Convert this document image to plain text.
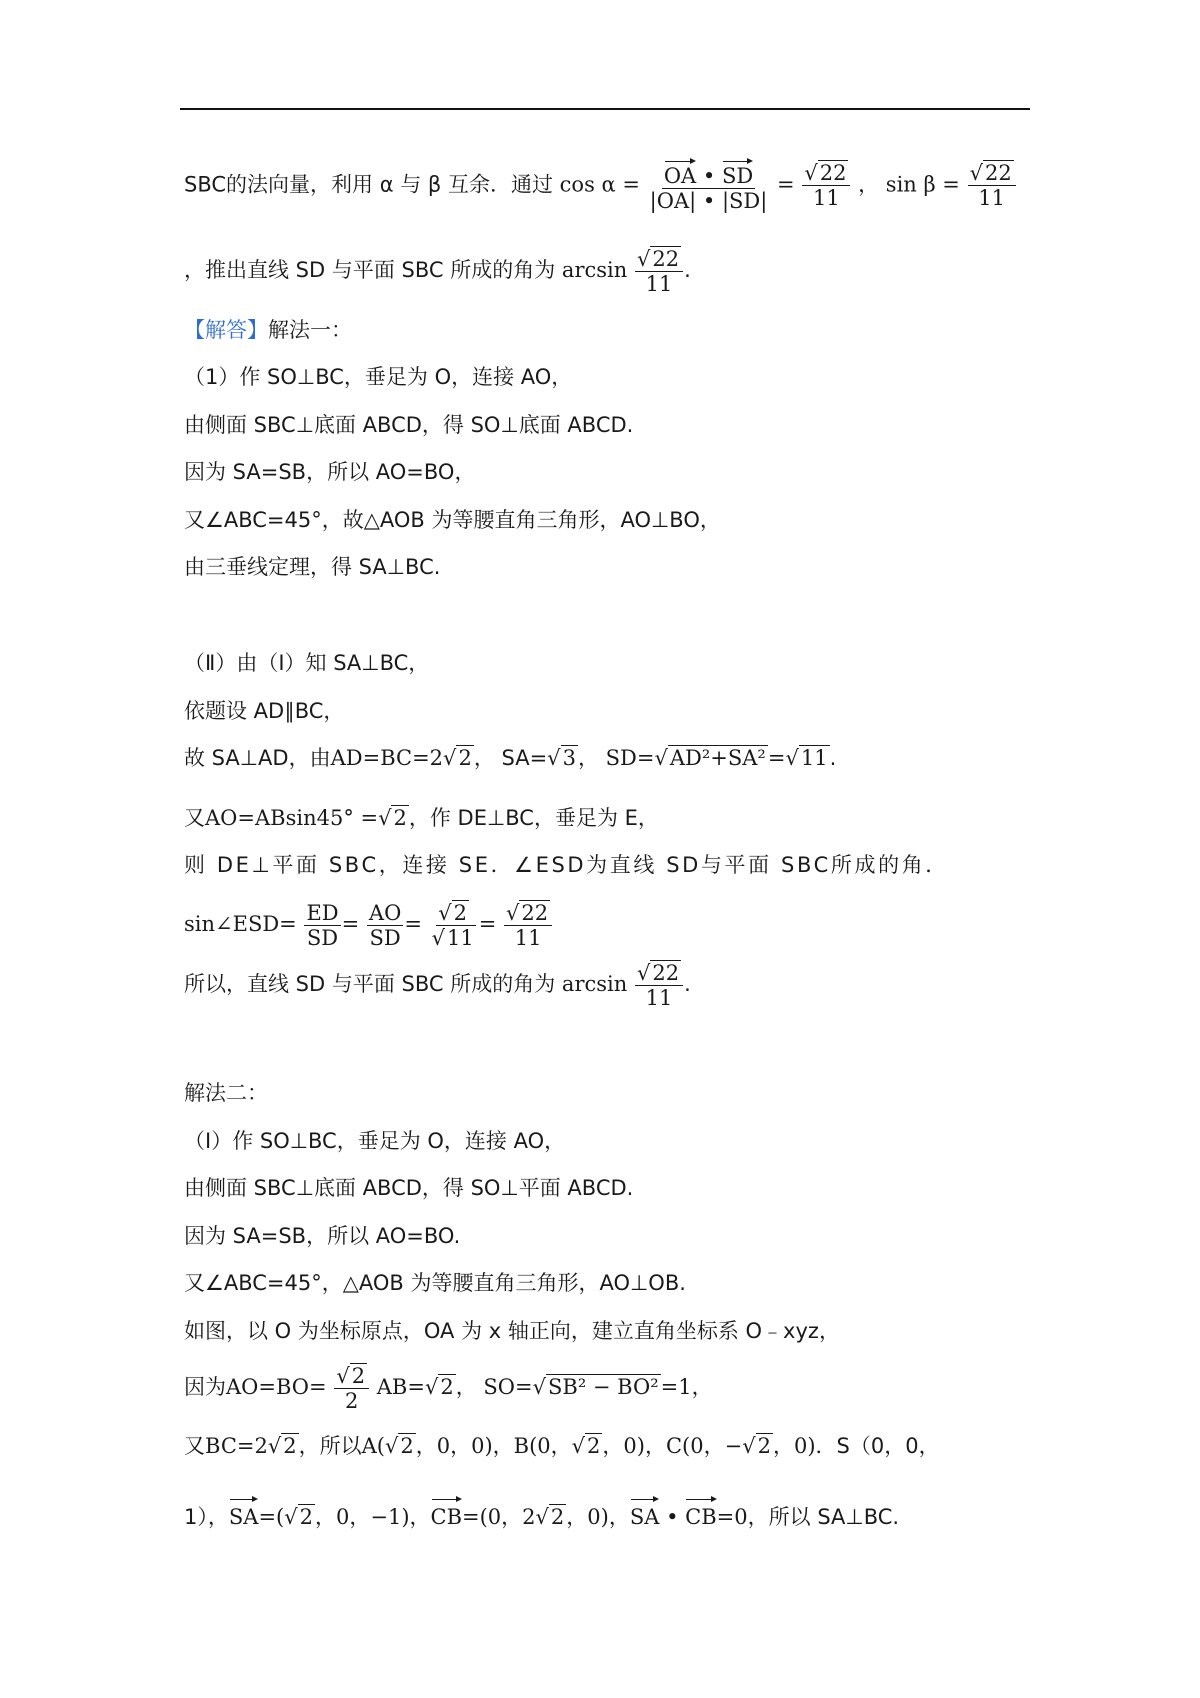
SBC的法向量，利用 α 与 β 互余．通过 $\cos \alpha = \frac{OA • SD}{|OA| • |SD|} = \frac{√22}{11}$ ， $\sin \beta = \frac{√22}{11}$
，推出直线 SD 与平面 SBC 所成的角为 $\arcsin \frac{√22}{11}$ .
【解答】解法一：
（1）作 SO⊥BC，垂足为 O，连接 AO，
由侧面 SBC⊥底面 ABCD，得 SO⊥底面 ABCD.
因为 SA=SB，所以 AO=BO，
又∠ABC=45°，故△AOB 为等腰直角三角形，AO⊥BO，
由三垂线定理，得 SA⊥BC.
（Ⅱ）由（Ⅰ）知 SA⊥BC，
依题设 AD∥BC，
故 SA⊥AD，由AD=BC=2√2， SA=√3， SD=√AD²+SA²=√11.
又AO=ABsin45° =√2，作 DE⊥BC，垂足为 E，
则 DE⊥平面 SBC，连接 SE．∠ESD为直线 SD与平面 SBC所成的角．
sin∠ESD= $\frac{ED}{SD} = \frac{AO}{SD} = \frac{√2}{√11} = \frac{√22}{11}$
所以，直线 SD 与平面 SBC 所成的角为 $\arcsin \frac{√22}{11}$ .
解法二：
（Ⅰ）作 SO⊥BC，垂足为 O，连接 AO，
由侧面 SBC⊥底面 ABCD，得 SO⊥平面 ABCD.
因为 SA=SB，所以 AO=BO.
又∠ABC=45°，△AOB 为等腰直角三角形，AO⊥OB.
如图，以 O 为坐标原点，OA 为 x 轴正向，建立直角坐标系 O﹣xyz，
因为$AO=BO= \frac{√2}{2} AB=√2$， SO=√SB² − BO²=1，
又BC=2√2，所以A(√2，0，0)，B(0，√2，0)，C(0，−√2，0)．S（0，0，
1），SA=(√2，0，−1)，CB=(0，2√2，0)，SA • CB=0，所以 SA⊥BC.
